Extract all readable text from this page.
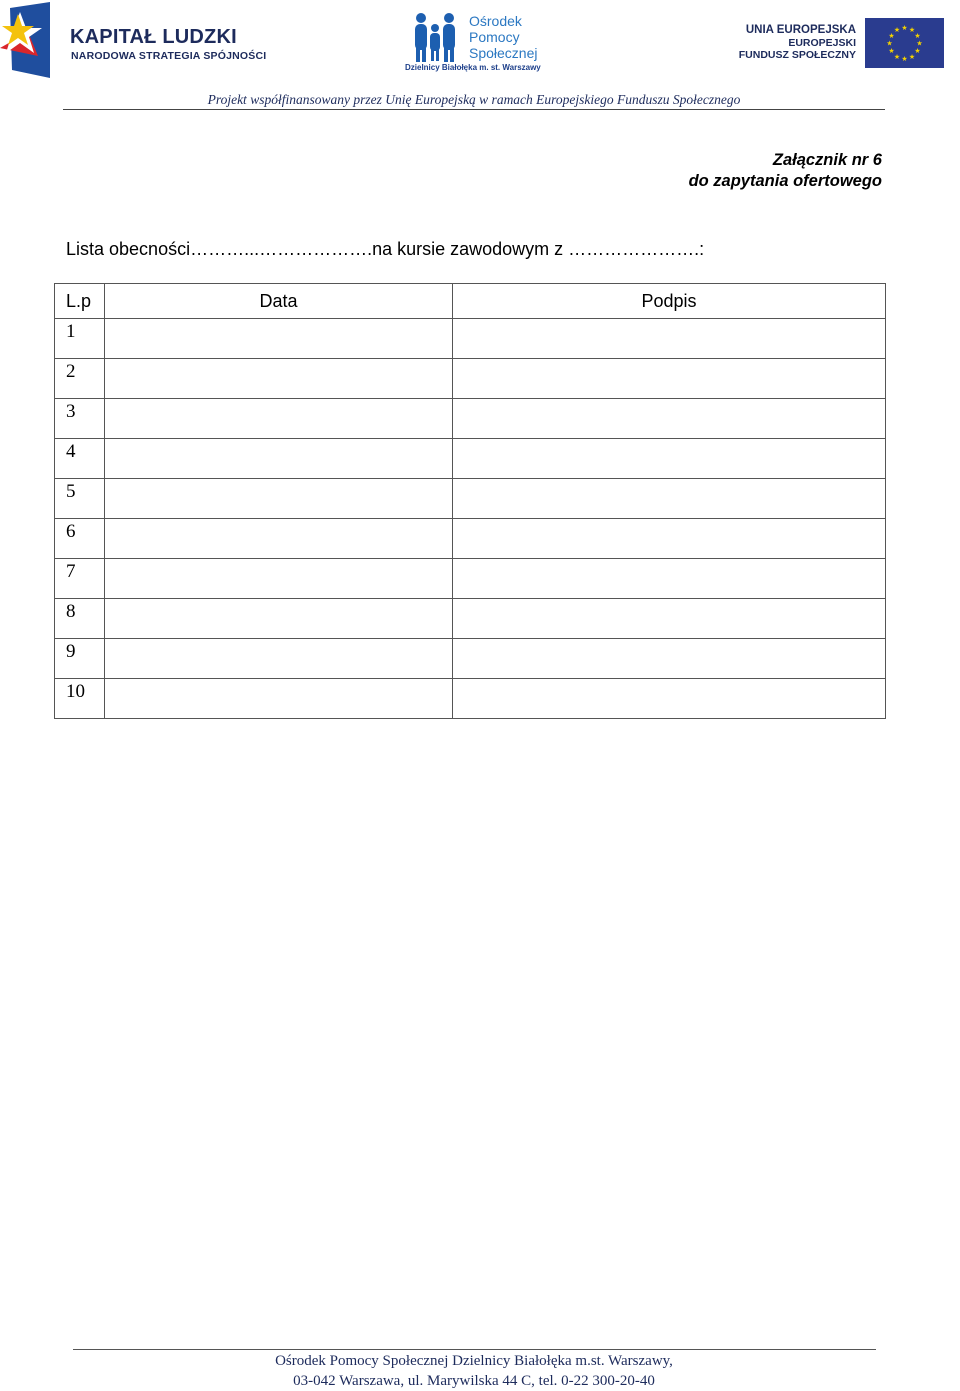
KAPITAŁ LUDZKI
NARODOWA STRATEGIA SPÓJNOŚCI
Ośrodek
Pomocy
Społecznej
Dzielnicy Białołęka m. st. Warszawy
UNIA EUROPEJSKA
EUROPEJSKI
FUNDUSZ SPOŁECZNY
★ ★
★
★
★
★
★
★
★
★
★
★
Projekt współfinansowany przez Unię Europejską w ramach Europejskiego Funduszu Społecznego
Załącznik nr 6
do zapytania ofertowego
Lista obecności………...……………….na kursie zawodowym z ………………….:
L.p	Data	Podpis
1		
2		
3		
4		
5		
6		
7		
8		
9		
10		
Ośrodek Pomocy Społecznej Dzielnicy Białołęka m.st. Warszawy,
03-042 Warszawa, ul. Marywilska 44 C, tel. 0-22 300-20-40
